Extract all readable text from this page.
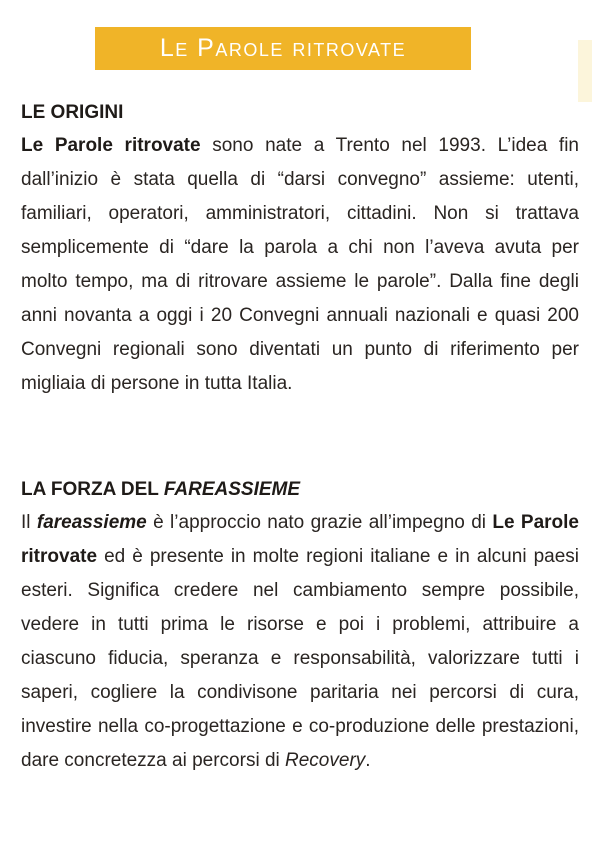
Le Parole ritrovate
LE ORIGINI

Le Parole ritrovate sono nate a Trento nel 1993. L’idea fin dall’inizio è stata quella di “darsi convegno” assieme: utenti, familiari, operatori, amministratori, cittadini. Non si trattava semplicemente di “dare la parola a chi non l’aveva avuta per molto tempo, ma di ritrovare assieme le parole”. Dalla fine degli anni novanta a oggi i 20 Convegni annuali nazionali e quasi 200 Convegni regionali sono diventati un punto di riferimento per migliaia di persone in tutta Italia.

LA FORZA DEL FAREASSIEME

Il fareassieme è l’approccio nato grazie all’impegno di Le Parole ritrovate ed è presente in molte regioni italiane e in alcuni paesi esteri. Significa credere nel cambiamento sempre possibile, vedere in tutti prima le risorse e poi i problemi, attribuire a ciascuno fiducia, speranza e responsabilità, valorizzare tutti i saperi, cogliere la condivisone paritaria nei percorsi di cura, investire nella co-progettazione e co-produzione delle prestazioni, dare concretezza ai percorsi di Recovery.
